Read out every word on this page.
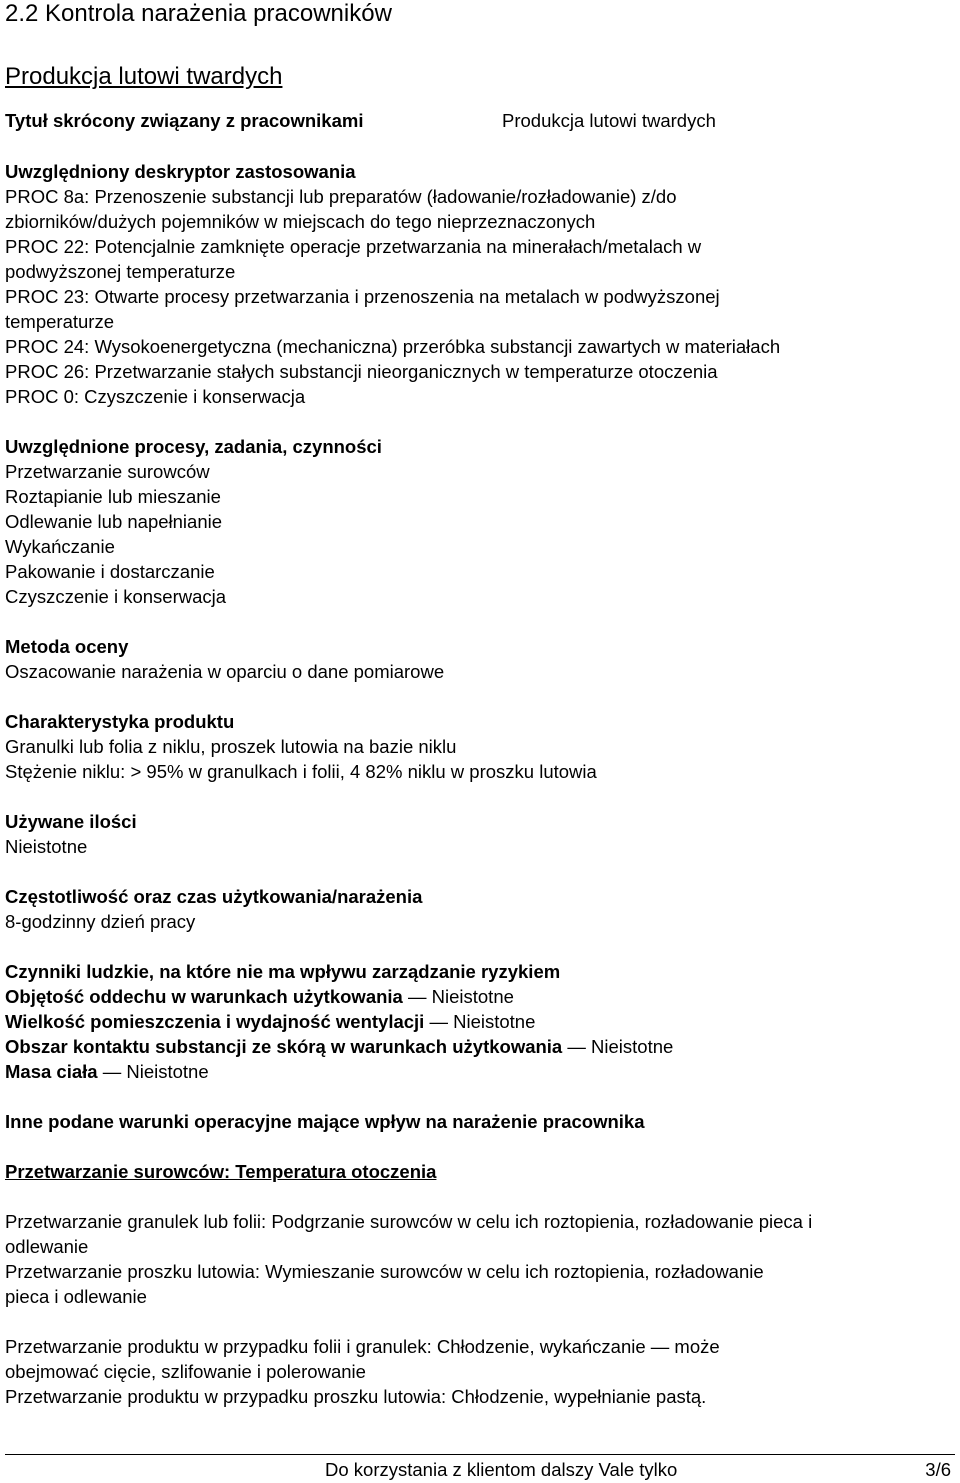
2.2 Kontrola narażenia pracowników
Produkcja lutowi twardych
Tytuł skrócony związany z pracownikami	Produkcja lutowi twardych
Uwzględniony deskryptor zastosowania
PROC 8a: Przenoszenie substancji lub preparatów (ładowanie/rozładowanie) z/do
zbiorników/dużych pojemników w miejscach do tego nieprzeznaczonych
PROC 22: Potencjalnie zamknięte operacje przetwarzania na minerałach/metalach w
podwyższonej temperaturze
PROC 23: Otwarte procesy przetwarzania i przenoszenia na metalach w podwyższonej
temperaturze
PROC 24: Wysokoenergetyczna (mechaniczna) przeróbka substancji zawartych w materiałach
PROC 26: Przetwarzanie stałych substancji nieorganicznych w temperaturze otoczenia
PROC 0: Czyszczenie i konserwacja
Uwzględnione procesy, zadania, czynności
Przetwarzanie surowców
Roztapianie lub mieszanie
Odlewanie lub napełnianie
Wykańczanie
Pakowanie i dostarczanie
Czyszczenie i konserwacja
Metoda oceny
Oszacowanie narażenia w oparciu o dane pomiarowe
Charakterystyka produktu
Granulki lub folia z niklu, proszek lutowia na bazie niklu
Stężenie niklu: > 95% w granulkach i folii, 4 82% niklu w proszku lutowia
Używane ilości
Nieistotne
Częstotliwość oraz czas użytkowania/narażenia
8-godzinny dzień pracy
Czynniki ludzkie, na które nie ma wpływu zarządzanie ryzykiem
Objętość oddechu w warunkach użytkowania — Nieistotne
Wielkość pomieszczenia i wydajność wentylacji — Nieistotne
Obszar kontaktu substancji ze skórą w warunkach użytkowania — Nieistotne
Masa ciała — Nieistotne
Inne podane warunki operacyjne mające wpływ na narażenie pracownika
Przetwarzanie surowców: Temperatura otoczenia
Przetwarzanie granulek lub folii: Podgrzanie surowców w celu ich roztopienia, rozładowanie pieca i
odlewanie
Przetwarzanie proszku lutowia: Wymieszanie surowców w celu ich roztopienia, rozładowanie
pieca i odlewanie
Przetwarzanie produktu w przypadku folii i granulek: Chłodzenie, wykańczanie — może
obejmować cięcie, szlifowanie i polerowanie
Przetwarzanie produktu w przypadku proszku lutowia: Chłodzenie, wypełnianie pastą.
Do korzystania z klientom dalszy Vale tylko	3/6
